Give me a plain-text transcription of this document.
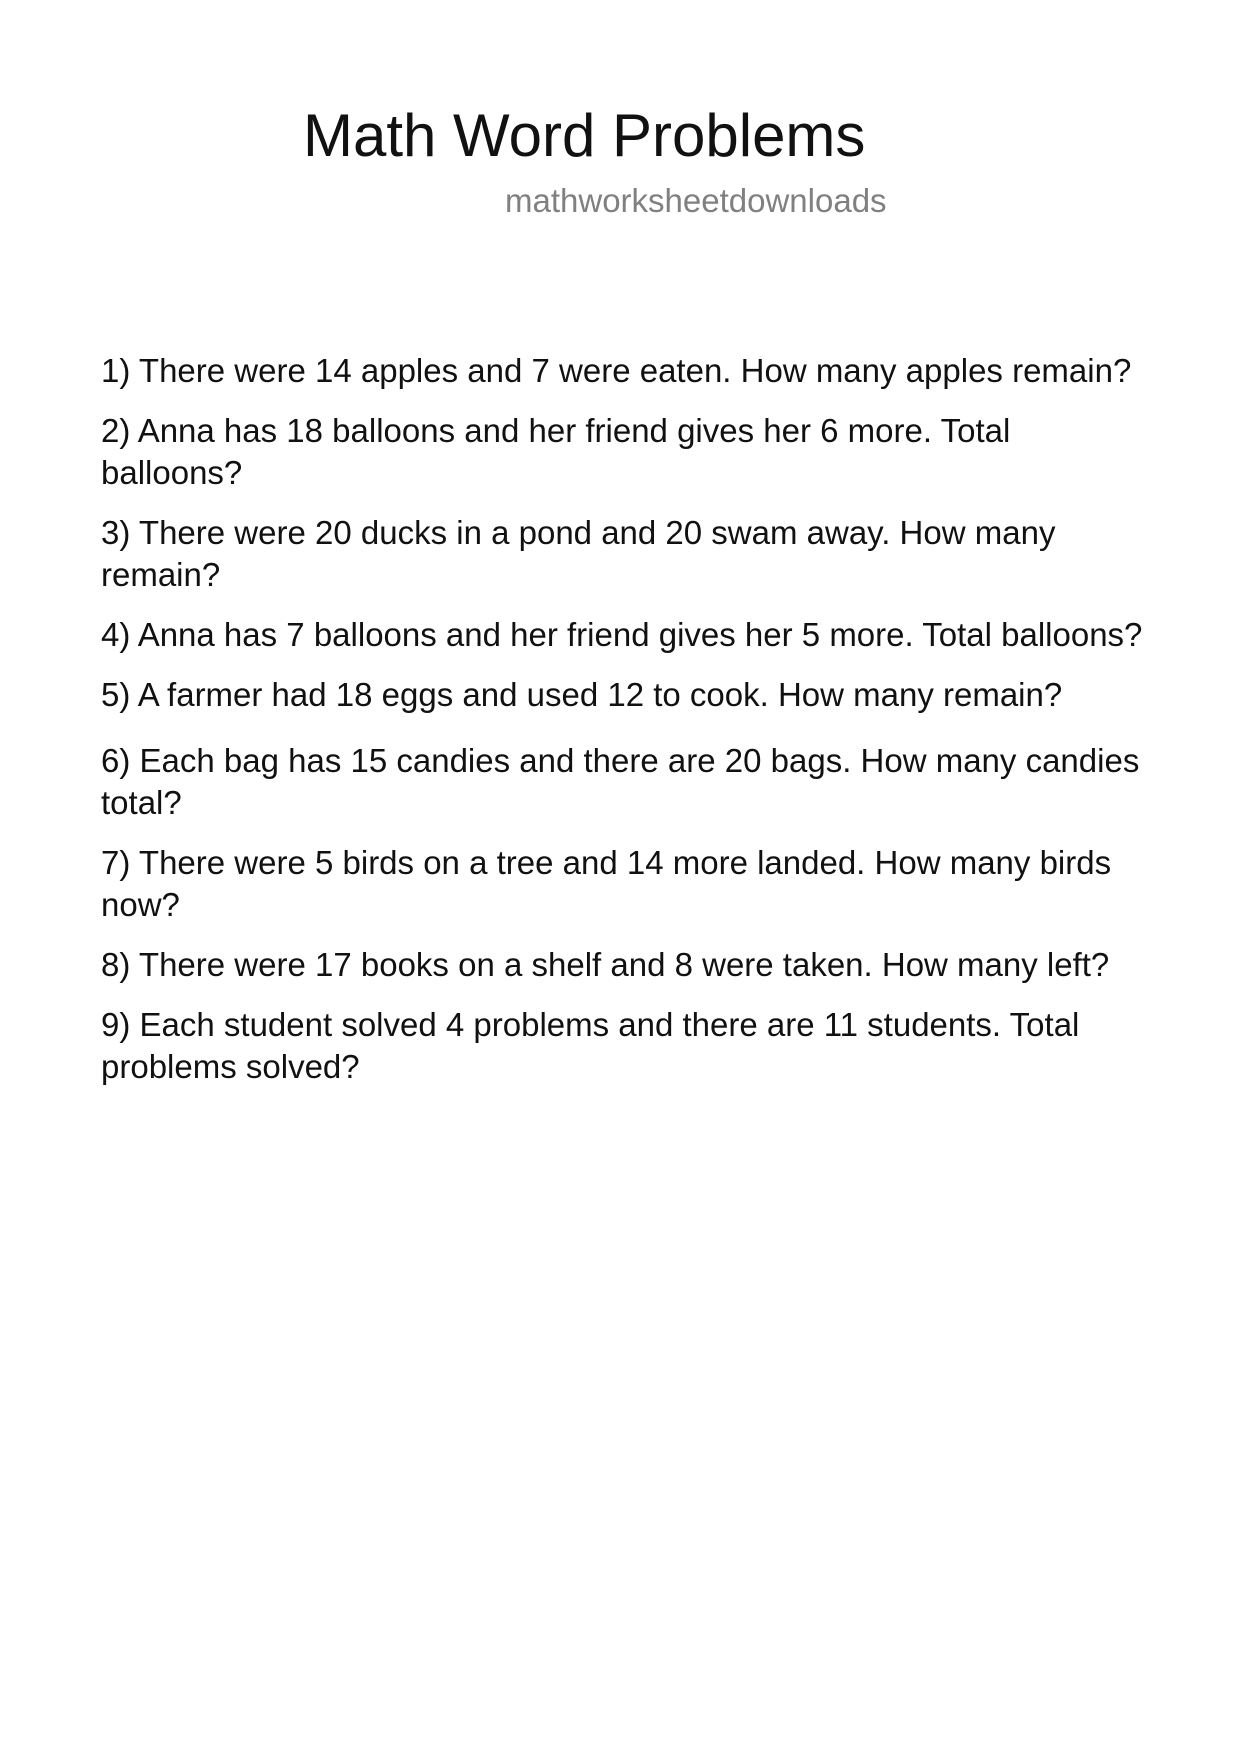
Math Word Problems
mathworksheetdownloads
1) There were 14 apples and 7 were eaten. How many apples remain?
2) Anna has 18 balloons and her friend gives her 6 more. Total balloons?
3) There were 20 ducks in a pond and 20 swam away. How many remain?
4) Anna has 7 balloons and her friend gives her 5 more. Total balloons?
5) A farmer had 18 eggs and used 12 to cook. How many remain?
6) Each bag has 15 candies and there are 20 bags. How many candies total?
7) There were 5 birds on a tree and 14 more landed. How many birds now?
8) There were 17 books on a shelf and 8 were taken. How many left?
9) Each student solved 4 problems and there are 11 students. Total problems solved?
